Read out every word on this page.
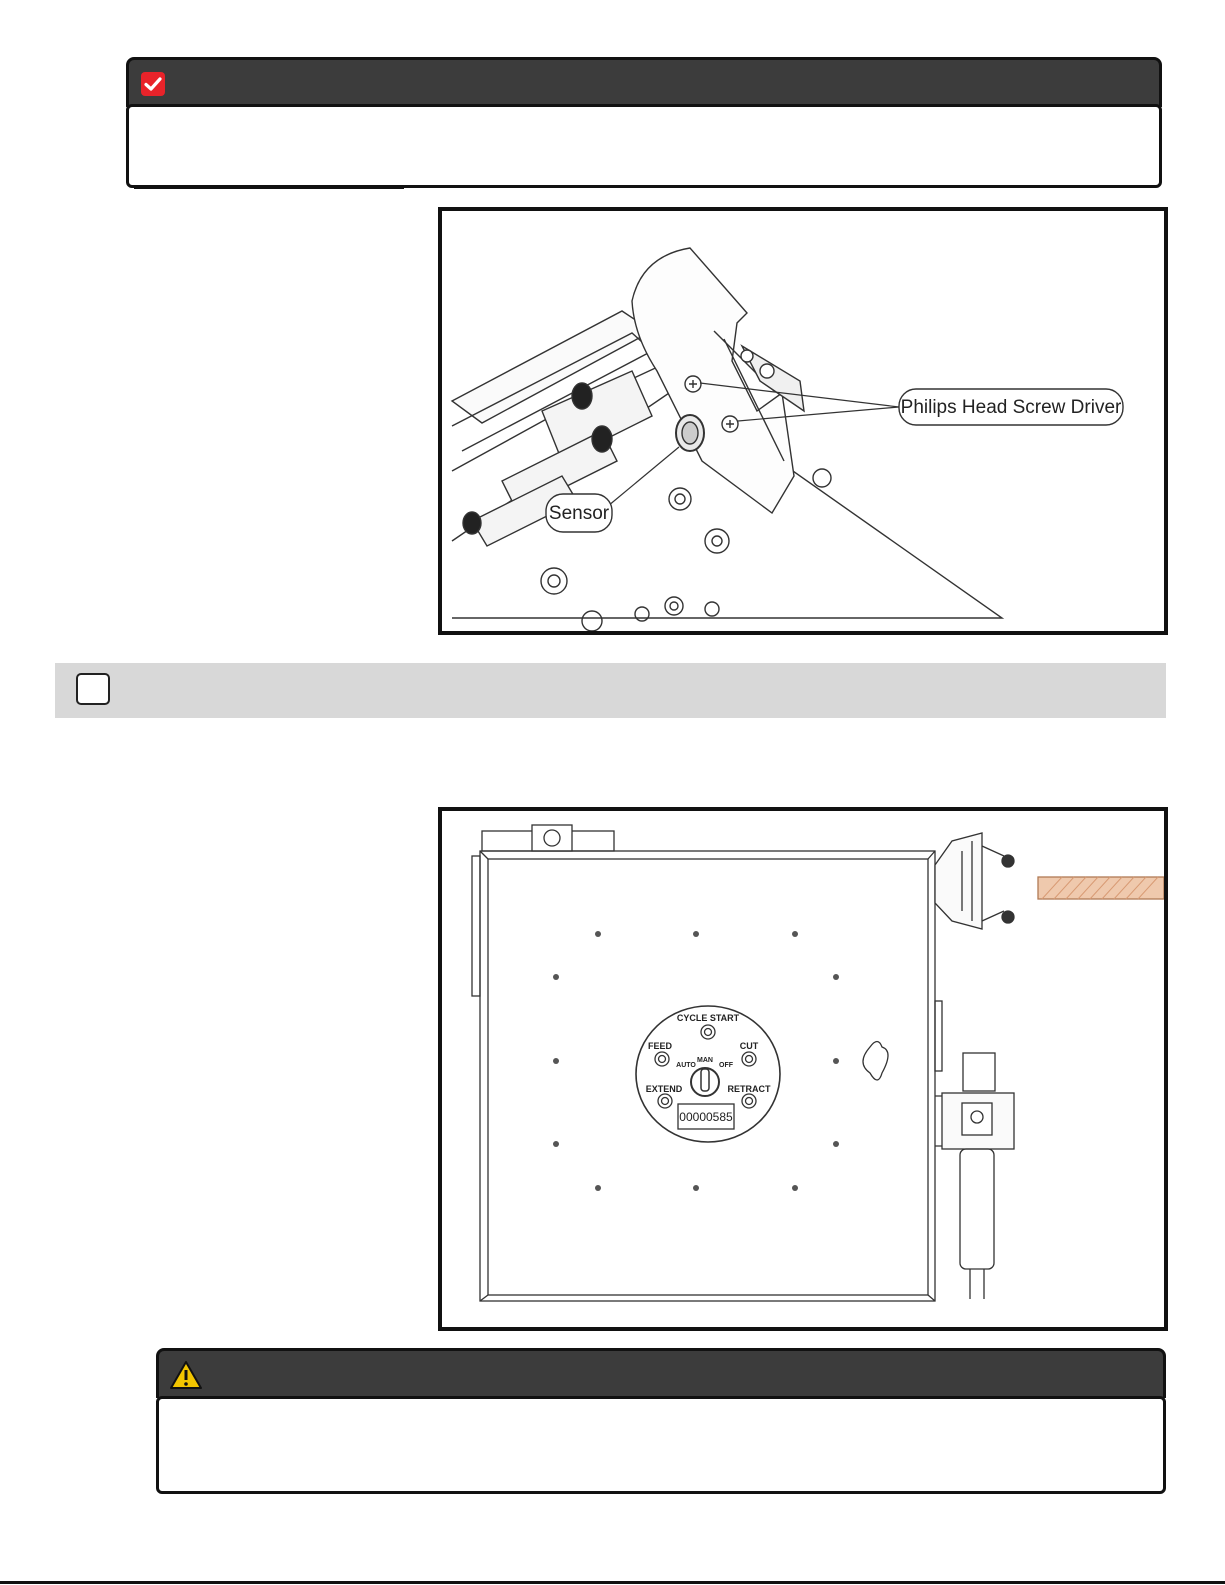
Philips Head Screw Driver
Sensor
CYCLE START
FEED	CUT
AUTO
MAN
OFF
EXTEND	RETRACT
00000585
